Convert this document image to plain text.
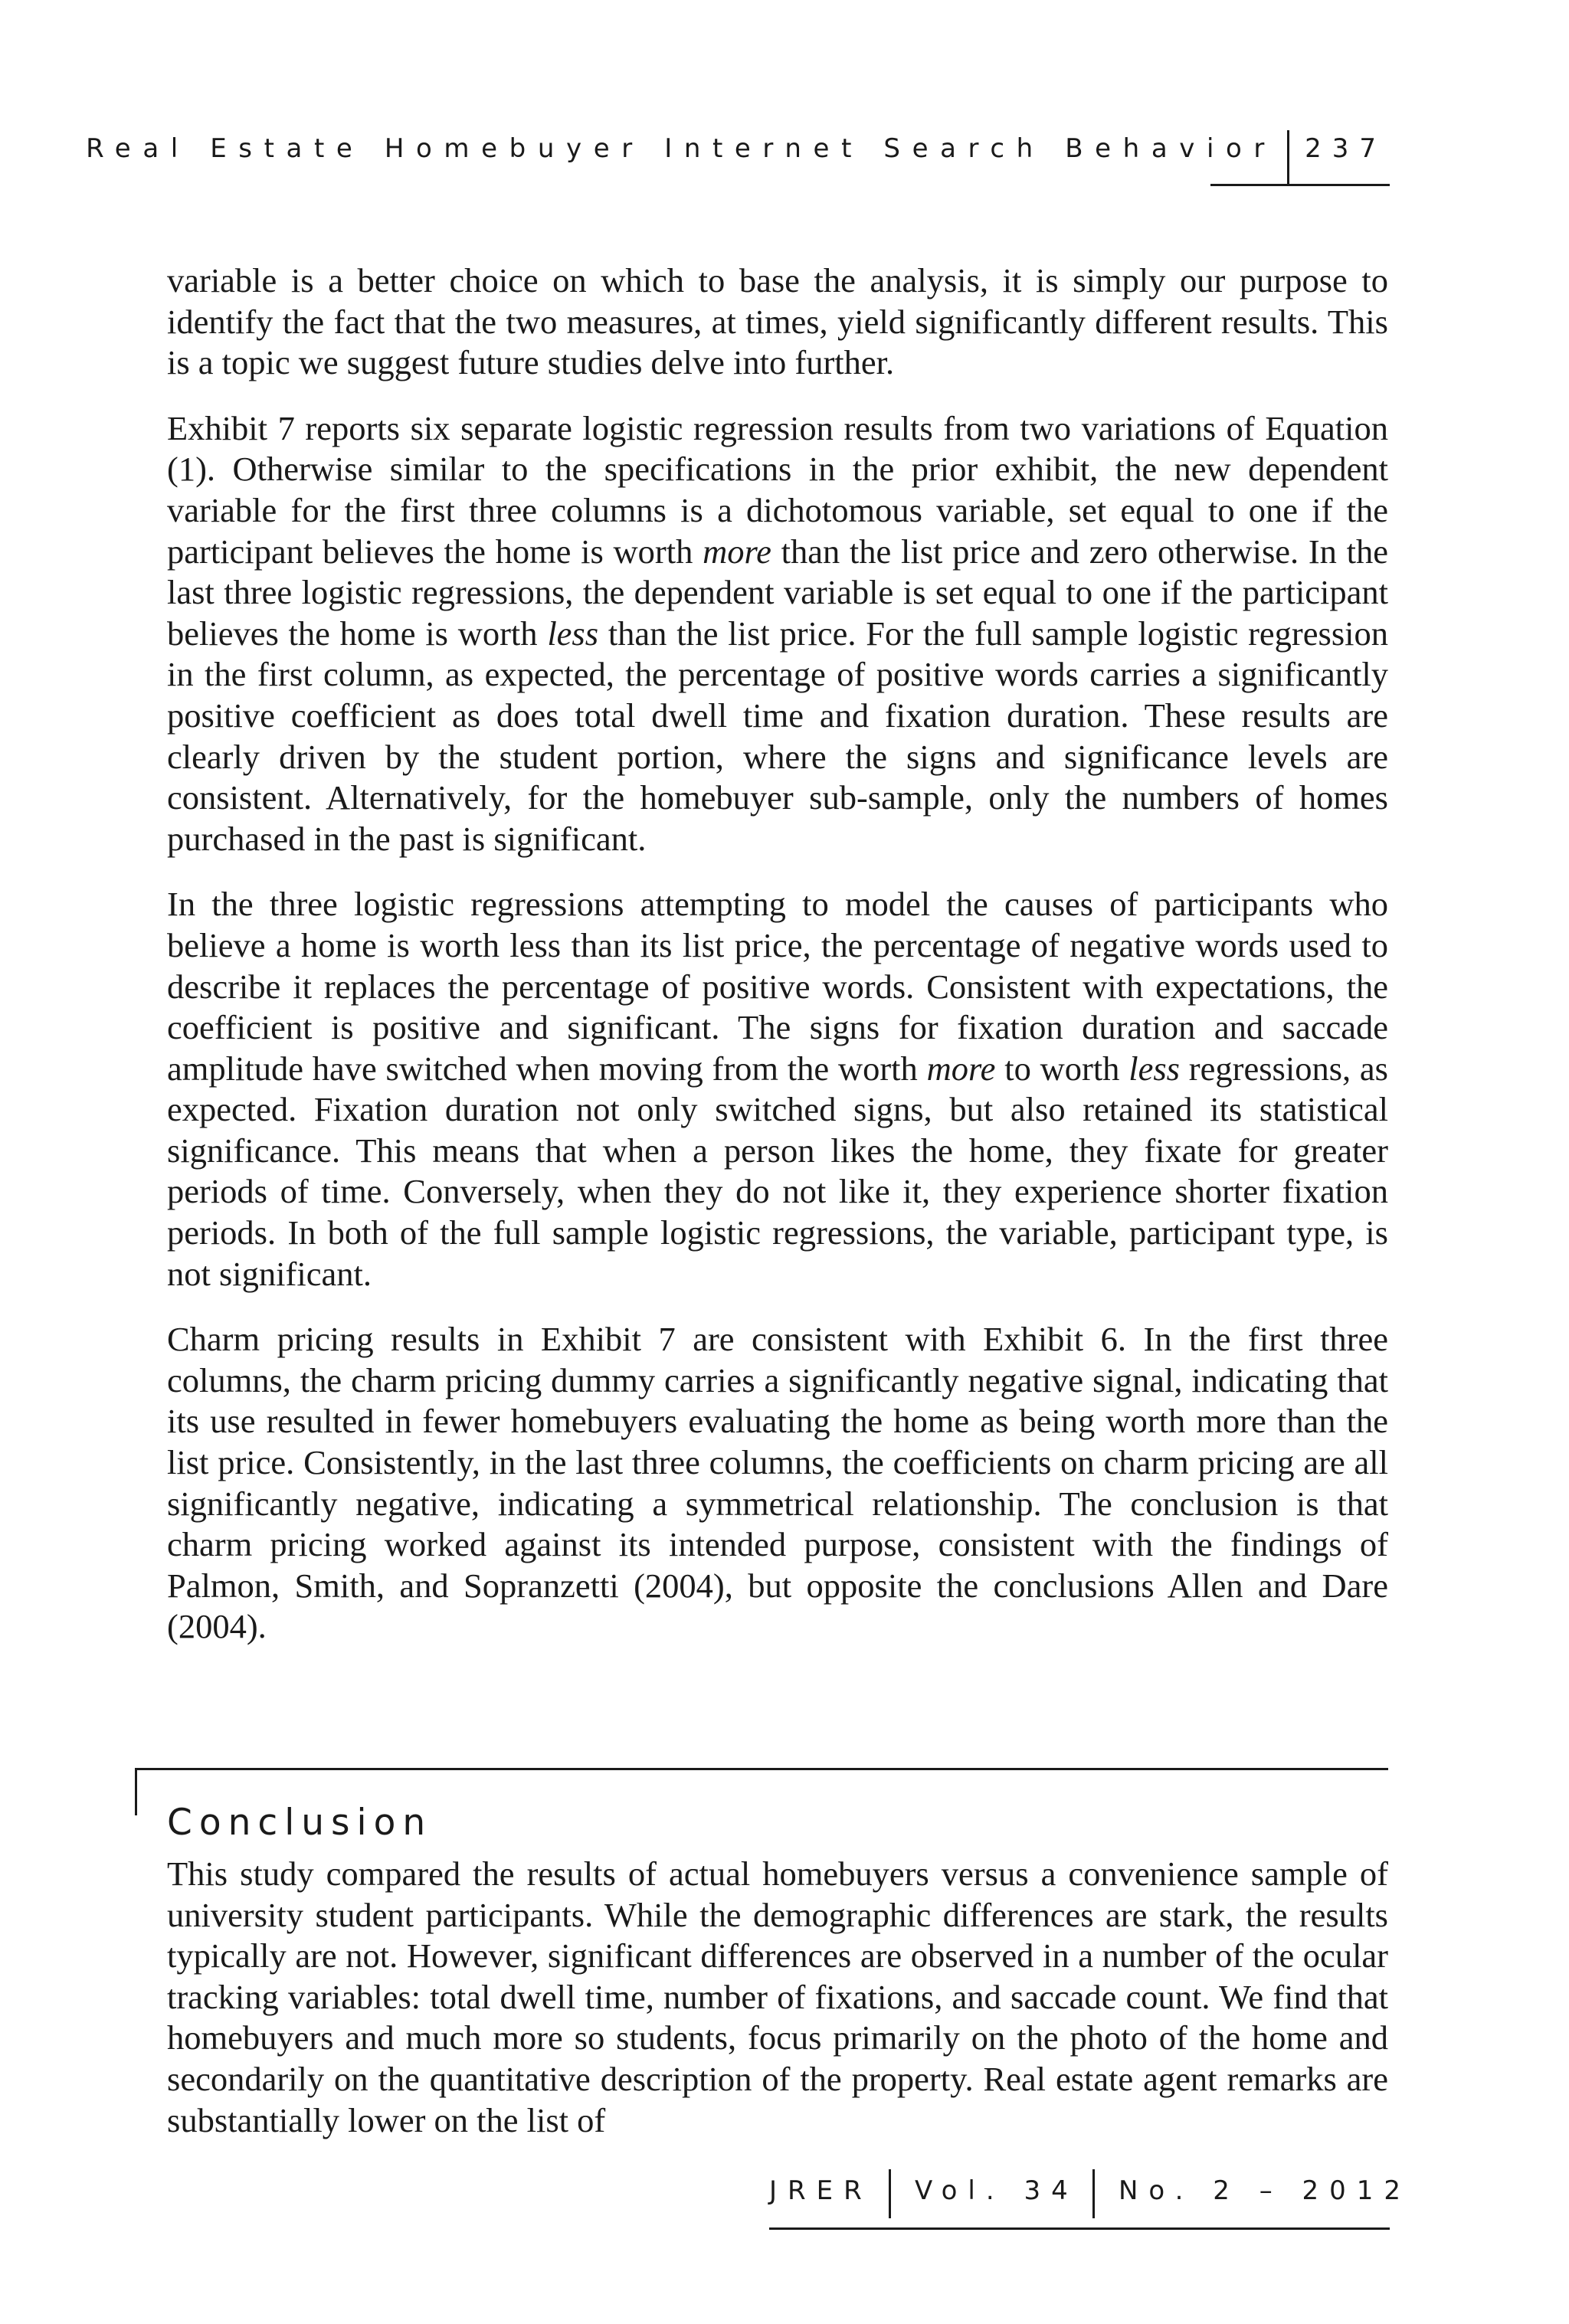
Real Estate Homebuyer Internet Search Behavior 237

variable is a better choice on which to base the analysis, it is simply our purpose to identify the fact that the two measures, at times, yield significantly different results. This is a topic we suggest future studies delve into further.

Exhibit 7 reports six separate logistic regression results from two variations of Equation (1). Otherwise similar to the specifications in the prior exhibit, the new dependent variable for the first three columns is a dichotomous variable, set equal to one if the participant believes the home is worth more than the list price and zero otherwise. In the last three logistic regressions, the dependent variable is set equal to one if the participant believes the home is worth less than the list price. For the full sample logistic regression in the first column, as expected, the percentage of positive words carries a significantly positive coefficient as does total dwell time and fixation duration. These results are clearly driven by the student portion, where the signs and significance levels are consistent. Alternatively, for the homebuyer sub-sample, only the numbers of homes purchased in the past is significant.

In the three logistic regressions attempting to model the causes of participants who believe a home is worth less than its list price, the percentage of negative words used to describe it replaces the percentage of positive words. Consistent with expectations, the coefficient is positive and significant. The signs for fixation duration and saccade amplitude have switched when moving from the worth more to worth less regressions, as expected. Fixation duration not only switched signs, but also retained its statistical significance. This means that when a person likes the home, they fixate for greater periods of time. Conversely, when they do not like it, they experience shorter fixation periods. In both of the full sample logistic regressions, the variable, participant type, is not significant.

Charm pricing results in Exhibit 7 are consistent with Exhibit 6. In the first three columns, the charm pricing dummy carries a significantly negative signal, indicating that its use resulted in fewer homebuyers evaluating the home as being worth more than the list price. Consistently, in the last three columns, the coefficients on charm pricing are all significantly negative, indicating a symmetrical relationship. The conclusion is that charm pricing worked against its intended purpose, consistent with the findings of Palmon, Smith, and Sopranzetti (2004), but opposite the conclusions Allen and Dare (2004).

Conclusion

This study compared the results of actual homebuyers versus a convenience sample of university student participants. While the demographic differences are stark, the results typically are not. However, significant differences are observed in a number of the ocular tracking variables: total dwell time, number of fixations, and saccade count. We find that homebuyers and much more so students, focus primarily on the photo of the home and secondarily on the quantitative description of the property. Real estate agent remarks are substantially lower on the list of

JRER Vol. 34 No. 2 – 2012
